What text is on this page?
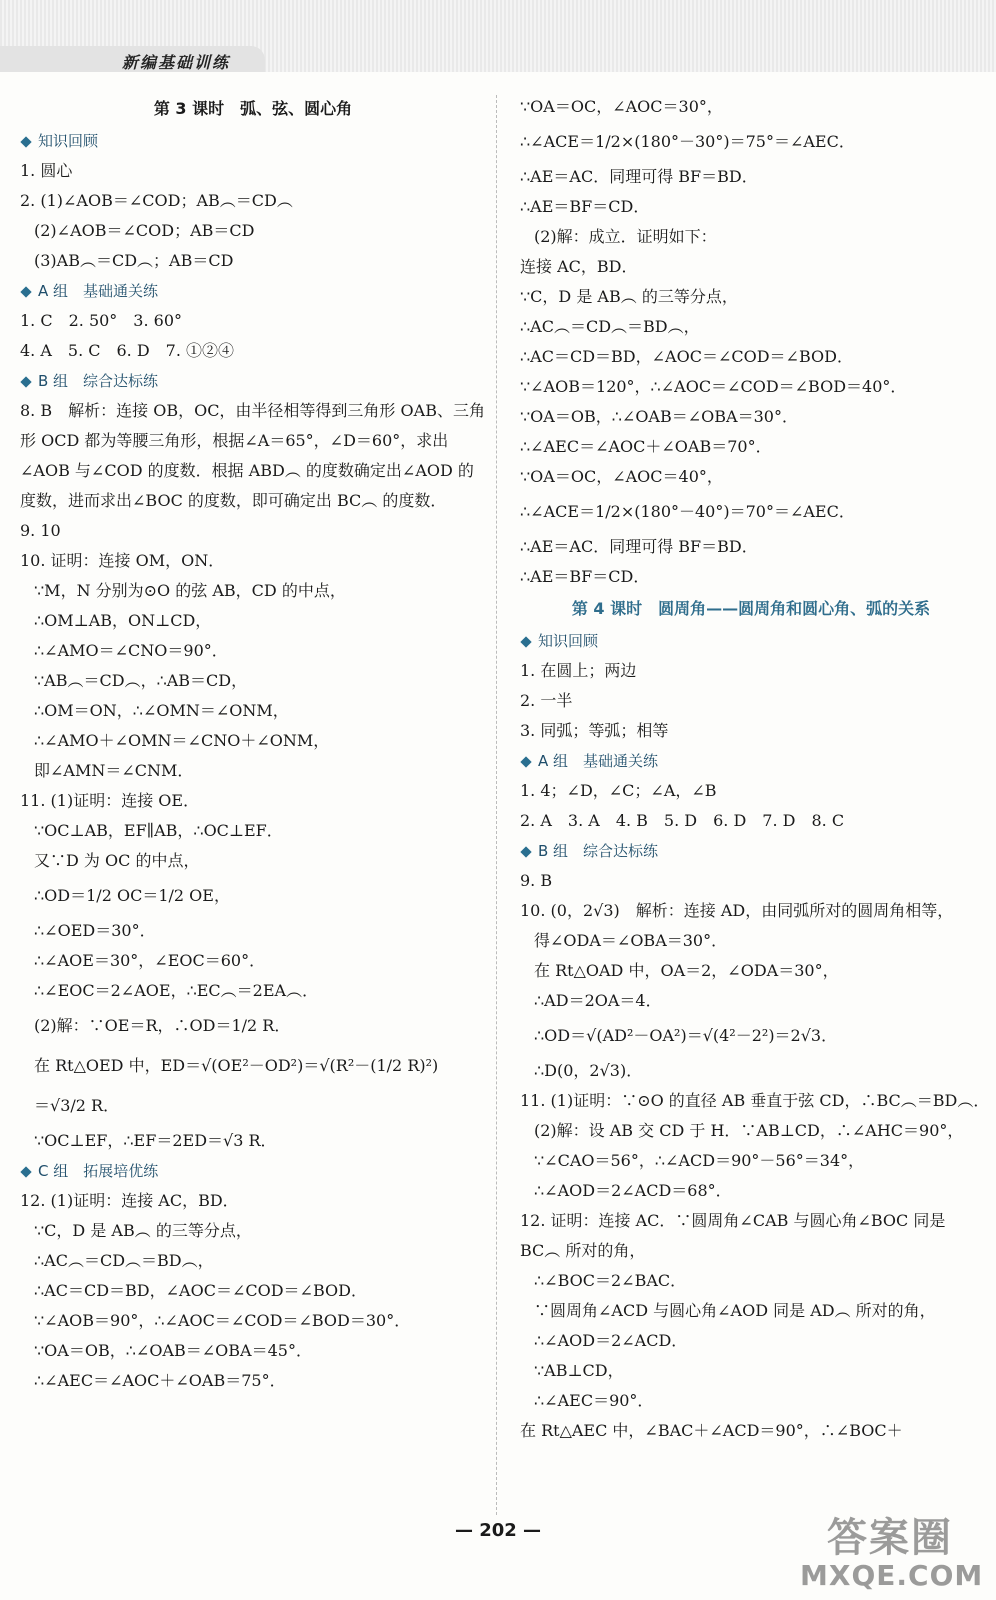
新编基础训练
第 3 课时　弧、弦、圆心角
知识回顾
1. 圆心
2. (1)∠AOB＝∠COD；AB︵＝CD︵
(2)∠AOB＝∠COD；AB＝CD
(3)AB︵＝CD︵；AB＝CD
A 组　基础通关练
1. C　2. 50°　3. 60°
4. A　5. C　6. D　7. ①②④
B 组　综合达标练
8. B　解析：连接 OB，OC，由半径相等得到三角形 OAB、三角形 OCD 都为等腰三角形，根据∠A＝65°，∠D＝60°，求出∠AOB 与∠COD 的度数．根据 ABD︵ 的度数确定出∠AOD 的度数，进而求出∠BOC 的度数，即可确定出 BC︵ 的度数．
9. 10
10. 证明：连接 OM，ON．
∵M，N 分别为⊙O 的弦 AB，CD 的中点，
∴OM⊥AB，ON⊥CD，
∴∠AMO＝∠CNO＝90°．
∵AB︵＝CD︵，∴AB＝CD，
∴OM＝ON，∴∠OMN＝∠ONM，
∴∠AMO＋∠OMN＝∠CNO＋∠ONM，
即∠AMN＝∠CNM．
11. (1)证明：连接 OE．
∵OC⊥AB，EF∥AB，∴OC⊥EF．
又∵D 为 OC 的中点，
∴OD＝1/2 OC＝1/2 OE，
∴∠OED＝30°．
∴∠AOE＝30°，∠EOC＝60°．
∴∠EOC＝2∠AOE，∴EC︵＝2EA︵．
(2)解：∵OE＝R，∴OD＝1/2 R．
在 Rt△OED 中，ED＝√(OE²－OD²)＝√(R²－(1/2 R)²)
＝√3/2 R．
∵OC⊥EF，∴EF＝2ED＝√3 R．
C 组　拓展培优练
12. (1)证明：连接 AC，BD．
∵C，D 是 AB︵ 的三等分点，
∴AC︵＝CD︵＝BD︵，
∴AC＝CD＝BD，∠AOC＝∠COD＝∠BOD．
∵∠AOB＝90°，∴∠AOC＝∠COD＝∠BOD＝30°．
∵OA＝OB，∴∠OAB＝∠OBA＝45°．
∴∠AEC＝∠AOC＋∠OAB＝75°．
∵OA＝OC，∠AOC＝30°，
∴∠ACE＝1/2×(180°－30°)＝75°＝∠AEC．
∴AE＝AC．同理可得 BF＝BD．
∴AE＝BF＝CD．
(2)解：成立．证明如下：
连接 AC，BD．
∵C，D 是 AB︵ 的三等分点，
∴AC︵＝CD︵＝BD︵，
∴AC＝CD＝BD，∠AOC＝∠COD＝∠BOD．
∵∠AOB＝120°，∴∠AOC＝∠COD＝∠BOD＝40°．
∵OA＝OB，∴∠OAB＝∠OBA＝30°．
∴∠AEC＝∠AOC＋∠OAB＝70°．
∵OA＝OC，∠AOC＝40°，
∴∠ACE＝1/2×(180°－40°)＝70°＝∠AEC．
∴AE＝AC．同理可得 BF＝BD．
∴AE＝BF＝CD．
第 4 课时　圆周角——圆周角和圆心角、弧的关系
知识回顾
1. 在圆上；两边
2. 一半
3. 同弧；等弧；相等
A 组　基础通关练
1. 4；∠D，∠C；∠A，∠B
2. A　3. A　4. B　5. D　6. D　7. D　8. C
B 组　综合达标练
9. B
10. (0，2√3)　解析：连接 AD，由同弧所对的圆周角相等，
得∠ODA＝∠OBA＝30°．
在 Rt△OAD 中，OA＝2，∠ODA＝30°，
∴AD＝2OA＝4．
∴OD＝√(AD²－OA²)＝√(4²－2²)＝2√3．
∴D(0，2√3)．
11. (1)证明：∵⊙O 的直径 AB 垂直于弦 CD，∴BC︵＝BD︵．
(2)解：设 AB 交 CD 于 H．∵AB⊥CD，∴∠AHC＝90°，
∵∠CAO＝56°，∴∠ACD＝90°－56°＝34°，
∴∠AOD＝2∠ACD＝68°．
12. 证明：连接 AC．∵圆周角∠CAB 与圆心角∠BOC 同是
BC︵ 所对的角，
∴∠BOC＝2∠BAC．
∵圆周角∠ACD 与圆心角∠AOD 同是 AD︵ 所对的角，
∴∠AOD＝2∠ACD．
∵AB⊥CD，
∴∠AEC＝90°．
在 Rt△AEC 中，∠BAC＋∠ACD＝90°，∴∠BOC＋
— 202 —	答案圈
MXQE.COM
